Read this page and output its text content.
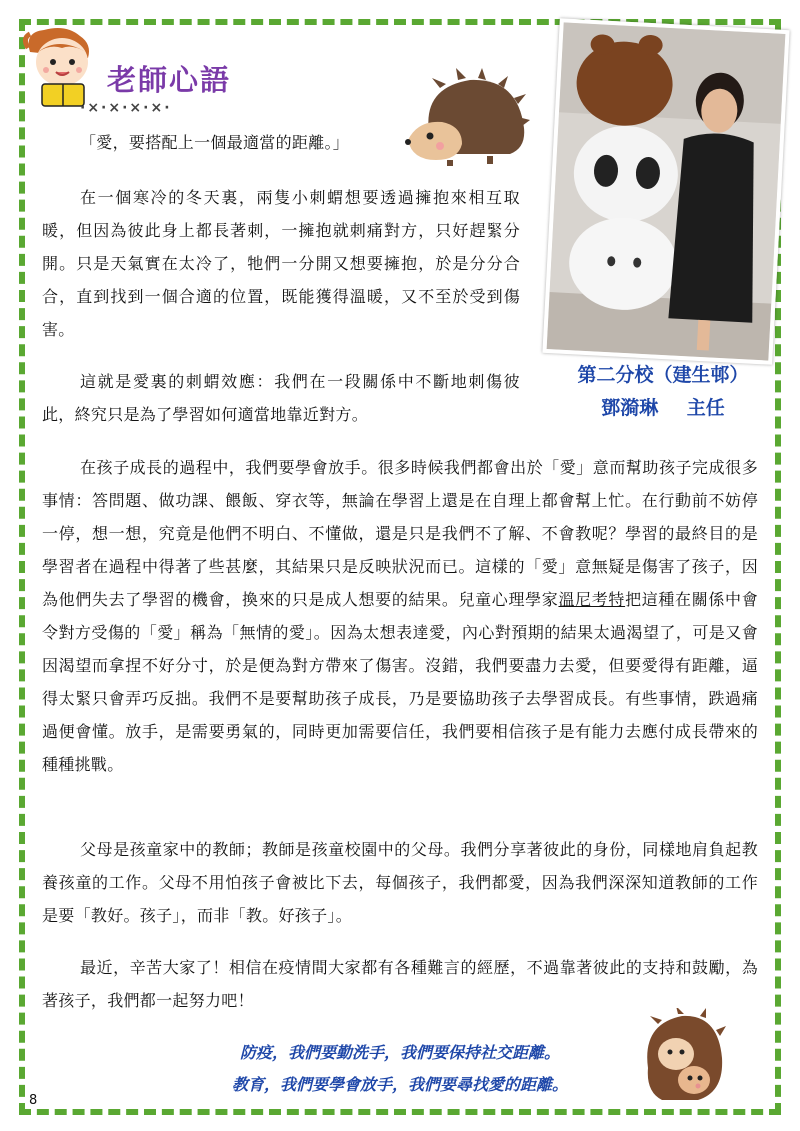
老師心語
·×·×·×·×·
第二分校（建生邨）
鄧漪琳 主任

「愛，要搭配上一個最適當的距離。」

在一個寒冷的冬天裏，兩隻小刺蝟想要透過擁抱來相互取暖，但因為彼此身上都長著刺，一擁抱就刺痛對方，只好趕緊分開。只是天氣實在太冷了，牠們一分開又想要擁抱，於是分分合合，直到找到一個合適的位置，既能獲得溫暖，又不至於受到傷害。

這就是愛裏的刺蝟效應：我們在一段關係中不斷地刺傷彼此，終究只是為了學習如何適當地靠近對方。

在孩子成長的過程中，我們要學會放手。很多時候我們都會出於「愛」意而幫助孩子完成很多事情：答問題、做功課、餵飯、穿衣等，無論在學習上還是在自理上都會幫上忙。在行動前不妨停一停，想一想，究竟是他們不明白、不懂做，還是只是我們不了解、不會教呢？學習的最終目的是學習者在過程中得著了些甚麼，其結果只是反映狀況而已。這樣的「愛」意無疑是傷害了孩子，因為他們失去了學習的機會，換來的只是成人想要的結果。兒童心理學家溫尼考特把這種在關係中會令對方受傷的「愛」稱為「無情的愛」。因為太想表達愛，內心對預期的結果太過渴望了，可是又會因渴望而拿捏不好分寸，於是便為對方帶來了傷害。沒錯，我們要盡力去愛，但要愛得有距離，逼得太緊只會弄巧反拙。我們不是要幫助孩子成長，乃是要協助孩子去學習成長。有些事情，跌過痛過便會懂。放手，是需要勇氣的，同時更加需要信任，我們要相信孩子是有能力去應付成長帶來的種種挑戰。

父母是孩童家中的教師；教師是孩童校園中的父母。我們分享著彼此的身份，同樣地肩負起教養孩童的工作。父母不用怕孩子會被比下去，每個孩子，我們都愛，因為我們深深知道教師的工作是要「教好。孩子」，而非「教。好孩子」。

最近，辛苦大家了！相信在疫情間大家都有各種難言的經歷，不過靠著彼此的支持和鼓勵，為著孩子，我們都一起努力吧！

防疫，我們要勤洗手，我們要保持社交距離。
教育，我們要學會放手，我們要尋找愛的距離。
8
